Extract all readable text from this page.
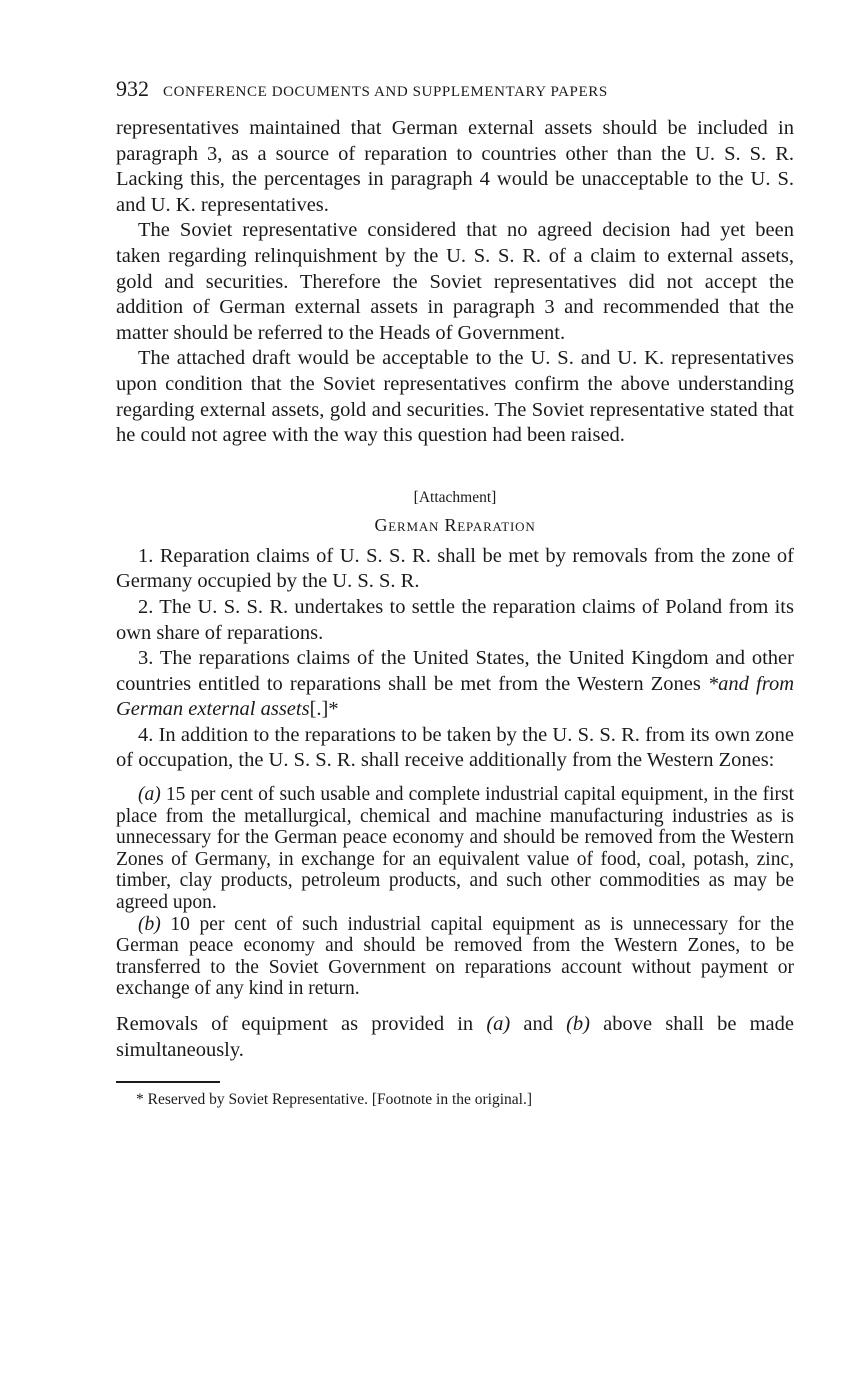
932 CONFERENCE DOCUMENTS AND SUPPLEMENTARY PAPERS

representatives maintained that German external assets should be included in paragraph 3, as a source of reparation to countries other than the U. S. S. R. Lacking this, the percentages in paragraph 4 would be unacceptable to the U. S. and U. K. representatives.

The Soviet representative considered that no agreed decision had yet been taken regarding relinquishment by the U. S. S. R. of a claim to external assets, gold and securities. Therefore the Soviet representatives did not accept the addition of German external assets in paragraph 3 and recommended that the matter should be referred to the Heads of Government.

The attached draft would be acceptable to the U. S. and U. K. representatives upon condition that the Soviet representatives confirm the above understanding regarding external assets, gold and securities. The Soviet representative stated that he could not agree with the way this question had been raised.

[Attachment]
German Reparation

1. Reparation claims of U. S. S. R. shall be met by removals from the zone of Germany occupied by the U. S. S. R.

2. The U. S. S. R. undertakes to settle the reparation claims of Poland from its own share of reparations.

3. The reparations claims of the United States, the United Kingdom and other countries entitled to reparations shall be met from the Western Zones *and from German external assets[.]*

4. In addition to the reparations to be taken by the U. S. S. R. from its own zone of occupation, the U. S. S. R. shall receive additionally from the Western Zones:

(a) 15 per cent of such usable and complete industrial capital equipment, in the first place from the metallurgical, chemical and machine manufacturing industries as is unnecessary for the German peace economy and should be removed from the Western Zones of Germany, in exchange for an equivalent value of food, coal, potash, zinc, timber, clay products, petroleum products, and such other commodities as may be agreed upon.

(b) 10 per cent of such industrial capital equipment as is unnecessary for the German peace economy and should be removed from the Western Zones, to be transferred to the Soviet Government on reparations account without payment or exchange of any kind in return.

Removals of equipment as provided in (a) and (b) above shall be made simultaneously.

* Reserved by Soviet Representative. [Footnote in the original.]
